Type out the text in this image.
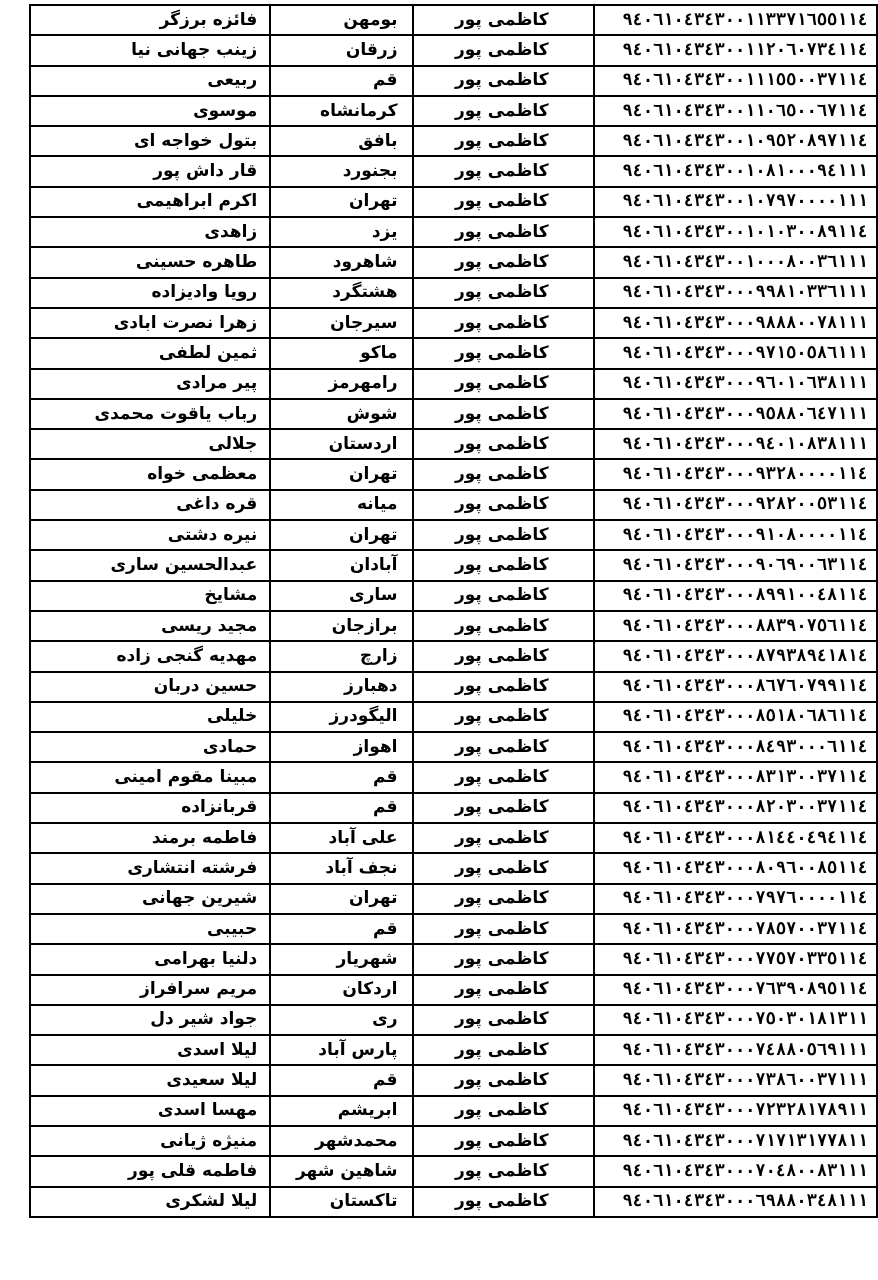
فائزه برزگر	بومهن	کاظمی پور	۹٤۰٦۱۰٤۳٤۳۰۰۱۱۳۳۷۱٦٥٥۱۱٤
زینب جهانی نیا	زرقان	کاظمی پور	۹٤۰٦۱۰٤۳٤۳۰۰۱۱۲۰٦۰۷۳٤۱۱٤
ربیعی	قم	کاظمی پور	۹٤۰٦۱۰٤۳٤۳۰۰۱۱۱٥٥۰۰۳۷۱۱٤
موسوی	کرمانشاه	کاظمی پور	۹٤۰٦۱۰٤۳٤۳۰۰۱۱۰٦٥۰۰٦۷۱۱٤
بتول خواجه ای	بافق	کاظمی پور	۹٤۰٦۱۰٤۳٤۳۰۰۱۰۹٥۲۰۸۹۷۱۱٤
قار داش پور	بجنورد	کاظمی پور	۹٤۰٦۱۰٤۳٤۳۰۰۱۰۸۱۰۰۰۹٤۱۱۱
اکرم ابراهیمی	تهران	کاظمی پور	۹٤۰٦۱۰٤۳٤۳۰۰۱۰۷۹۷۰۰۰۰۱۱۱
زاهدی	یزد	کاظمی پور	۹٤۰٦۱۰٤۳٤۳۰۰۱۰۱۰۳۰۰۸۹۱۱٤
طاهره حسینی	شاهرود	کاظمی پور	۹٤۰٦۱۰٤۳٤۳۰۰۱۰۰۰۸۰۰۳٦۱۱۱
رویا وادیزاده	هشتگرد	کاظمی پور	۹٤۰٦۱۰٤۳٤۳۰۰۰۹۹۸۱۰۳۳٦۱۱۱
زهرا نصرت ابادی	سیرجان	کاظمی پور	۹٤۰٦۱۰٤۳٤۳۰۰۰۹۸۸۸۰۰۷۸۱۱۱
ثمین لطفی	ماکو	کاظمی پور	۹٤۰٦۱۰٤۳٤۳۰۰۰۹۷۱٥۰٥۸٦۱۱۱
پیر مرادی	رامهرمز	کاظمی پور	۹٤۰٦۱۰٤۳٤۳۰۰۰۹٦۰۱۰٦۳۸۱۱۱
رباب یاقوت محمدی	شوش	کاظمی پور	۹٤۰٦۱۰٤۳٤۳۰۰۰۹٥۸۸۰٦٤۷۱۱۱
جلالی	اردستان	کاظمی پور	۹٤۰٦۱۰٤۳٤۳۰۰۰۹٤۰۱۰۸۳۸۱۱۱
معظمی خواه	تهران	کاظمی پور	۹٤۰٦۱۰٤۳٤۳۰۰۰۹۳۲۸۰۰۰۰۱۱٤
قره داغی	میانه	کاظمی پور	۹٤۰٦۱۰٤۳٤۳۰۰۰۹۲۸۲۰۰٥۳۱۱٤
نیره دشتی	تهران	کاظمی پور	۹٤۰٦۱۰٤۳٤۳۰۰۰۹۱۰۸۰۰۰۰۱۱٤
عبدالحسین ساری	آبادان	کاظمی پور	۹٤۰٦۱۰٤۳٤۳۰۰۰۹۰٦۹۰۰٦۳۱۱٤
مشایخ	ساری	کاظمی پور	۹٤۰٦۱۰٤۳٤۳۰۰۰۸۹۹۱۰۰٤۸۱۱٤
مجید ریسی	برازجان	کاظمی پور	۹٤۰٦۱۰٤۳٤۳۰۰۰۸۸۳۹۰۷٥٦۱۱٤
مهدیه گنجی زاده	زارچ	کاظمی پور	۹٤۰٦۱۰٤۳٤۳۰۰۰۸۷۹۳۸۹٤۱۸۱٤
حسین دربان	دهبارز	کاظمی پور	۹٤۰٦۱۰٤۳٤۳۰۰۰۸٦۷٦۰۷۹۹۱۱٤
خلیلی	الیگودرز	کاظمی پور	۹٤۰٦۱۰٤۳٤۳۰۰۰۸٥۱۸۰٦۸٦۱۱٤
حمادی	اهواز	کاظمی پور	۹٤۰٦۱۰٤۳٤۳۰۰۰۸٤۹۳۰۰۰٦۱۱٤
مبینا مقوم امینی	قم	کاظمی پور	۹٤۰٦۱۰٤۳٤۳۰۰۰۸۳۱۳۰۰۳۷۱۱٤
قربانزاده	قم	کاظمی پور	۹٤۰٦۱۰٤۳٤۳۰۰۰۸۲۰۳۰۰۳۷۱۱٤
فاطمه برمند	علی آباد	کاظمی پور	۹٤۰٦۱۰٤۳٤۳۰۰۰۸۱٤٤۰٤۹٤۱۱٤
فرشته انتشاری	نجف آباد	کاظمی پور	۹٤۰٦۱۰٤۳٤۳۰۰۰۸۰۹٦۰۰۸٥۱۱٤
شیرین جهانی	تهران	کاظمی پور	۹٤۰٦۱۰٤۳٤۳۰۰۰۷۹۷٦۰۰۰۰۱۱٤
حبیبی	قم	کاظمی پور	۹٤۰٦۱۰٤۳٤۳۰۰۰۷۸٥۷۰۰۳۷۱۱٤
دلنیا بهرامی	شهریار	کاظمی پور	۹٤۰٦۱۰٤۳٤۳۰۰۰۷۷٥۷۰۳۳٥۱۱٤
مریم سرافراز	اردکان	کاظمی پور	۹٤۰٦۱۰٤۳٤۳۰۰۰۷٦۳۹۰۸۹٥۱۱٤
جواد شیر دل	ری	کاظمی پور	۹٤۰٦۱۰٤۳٤۳۰۰۰۷٥۰۳۰۱۸۱۳۱۱
لیلا اسدی	پارس آباد	کاظمی پور	۹٤۰٦۱۰٤۳٤۳۰۰۰۷٤۸۸۰٥٦۹۱۱۱
لیلا سعیدی	قم	کاظمی پور	۹٤۰٦۱۰٤۳٤۳۰۰۰۷۳۸٦۰۰۳۷۱۱۱
مهسا اسدی	ابریشم	کاظمی پور	۹٤۰٦۱۰٤۳٤۳۰۰۰۷۲۳۲۸۱۷۸۹۱۱
منیژه ژیانی	محمدشهر	کاظمی پور	۹٤۰٦۱۰٤۳٤۳۰۰۰۷۱۷۱۳۱۷۷۸۱۱
فاطمه قلی پور	شاهین شهر	کاظمی پور	۹٤۰٦۱۰٤۳٤۳۰۰۰۷۰٤۸۰۰۸۳۱۱۱
لیلا لشکری	تاکستان	کاظمی پور	۹٤۰٦۱۰٤۳٤۳۰۰۰٦۹۸۸۰۳٤۸۱۱۱
